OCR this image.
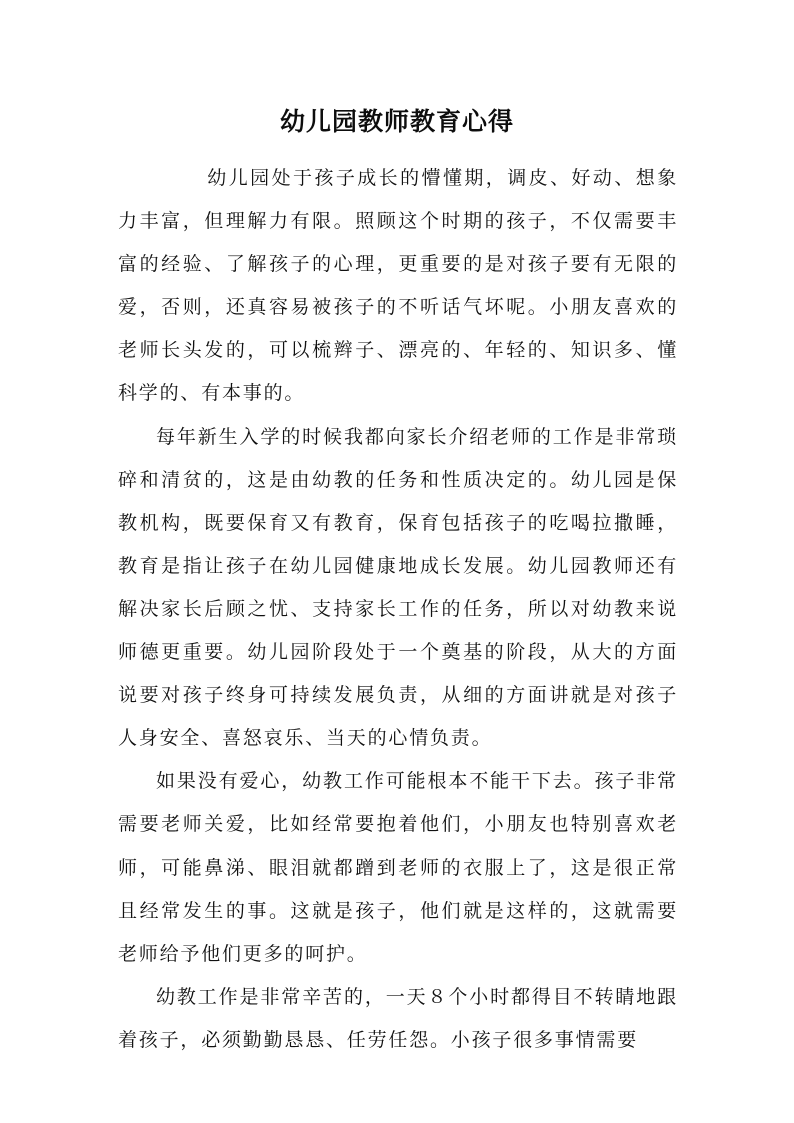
幼儿园教师教育心得

幼儿园处于孩子成长的懵懂期，调皮、好动、想象力丰富，但理解力有限。照顾这个时期的孩子，不仅需要丰富的经验、了解孩子的心理，更重要的是对孩子要有无限的爱，否则，还真容易被孩子的不听话气坏呢。小朋友喜欢的老师长头发的，可以梳辫子、漂亮的、年轻的、知识多、懂科学的、有本事的。

每年新生入学的时候我都向家长介绍老师的工作是非常琐碎和清贫的，这是由幼教的任务和性质决定的。幼儿园是保教机构，既要保育又有教育，保育包括孩子的吃喝拉撒睡，教育是指让孩子在幼儿园健康地成长发展。幼儿园教师还有解决家长后顾之忧、支持家长工作的任务，所以对幼教来说师德更重要。幼儿园阶段处于一个奠基的阶段，从大的方面说要对孩子终身可持续发展负责，从细的方面讲就是对孩子人身安全、喜怒哀乐、当天的心情负责。

如果没有爱心，幼教工作可能根本不能干下去。孩子非常需要老师关爱，比如经常要抱着他们，小朋友也特别喜欢老师，可能鼻涕、眼泪就都蹭到老师的衣服上了，这是很正常且经常发生的事。这就是孩子，他们就是这样的，这就需要老师给予他们更多的呵护。

幼教工作是非常辛苦的，一天８个小时都得目不转睛地跟着孩子，必须勤勤恳恳、任劳任怨。小孩子很多事情需要
